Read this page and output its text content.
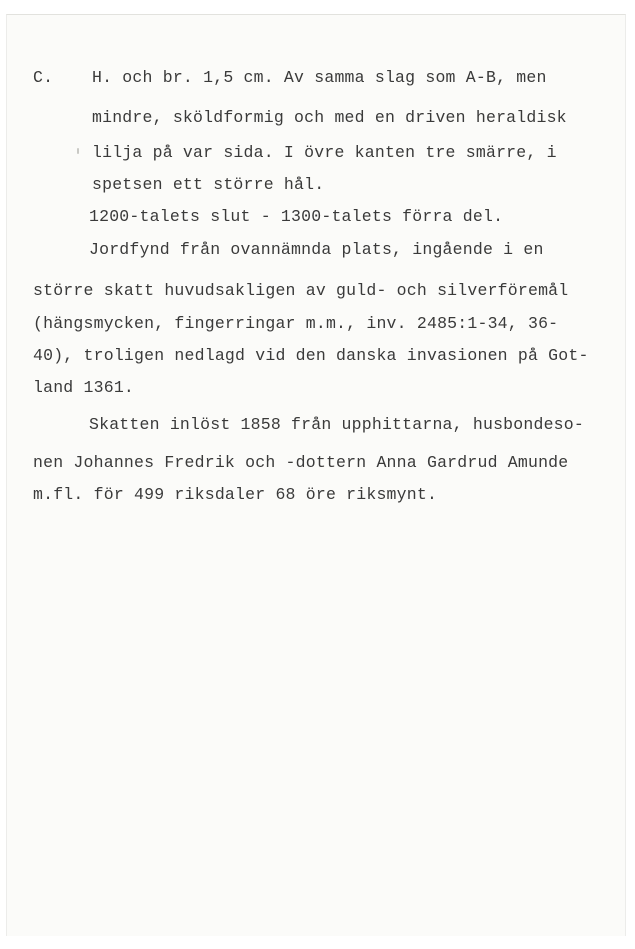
C. H. och br. 1,5 cm. Av samma slag som A-B, men
mindre, sköldformig och med en driven heraldisk
lilja på var sida. I övre kanten tre smärre, i
spetsen ett större hål.
1200-talets slut - 1300-talets förra del.
Jordfynd från ovannämnda plats, ingående i en
större skatt huvudsakligen av guld- och silverföremål
(hängsmycken, fingerringar m.m., inv. 2485:1-34, 36-
40), troligen nedlagd vid den danska invasionen på Got-
land 1361.
Skatten inlöst 1858 från upphittarna, husbondeso-
nen Johannes Fredrik och -dottern Anna Gardrud Amunde
m.fl. för 499 riksdaler 68 öre riksmynt.
